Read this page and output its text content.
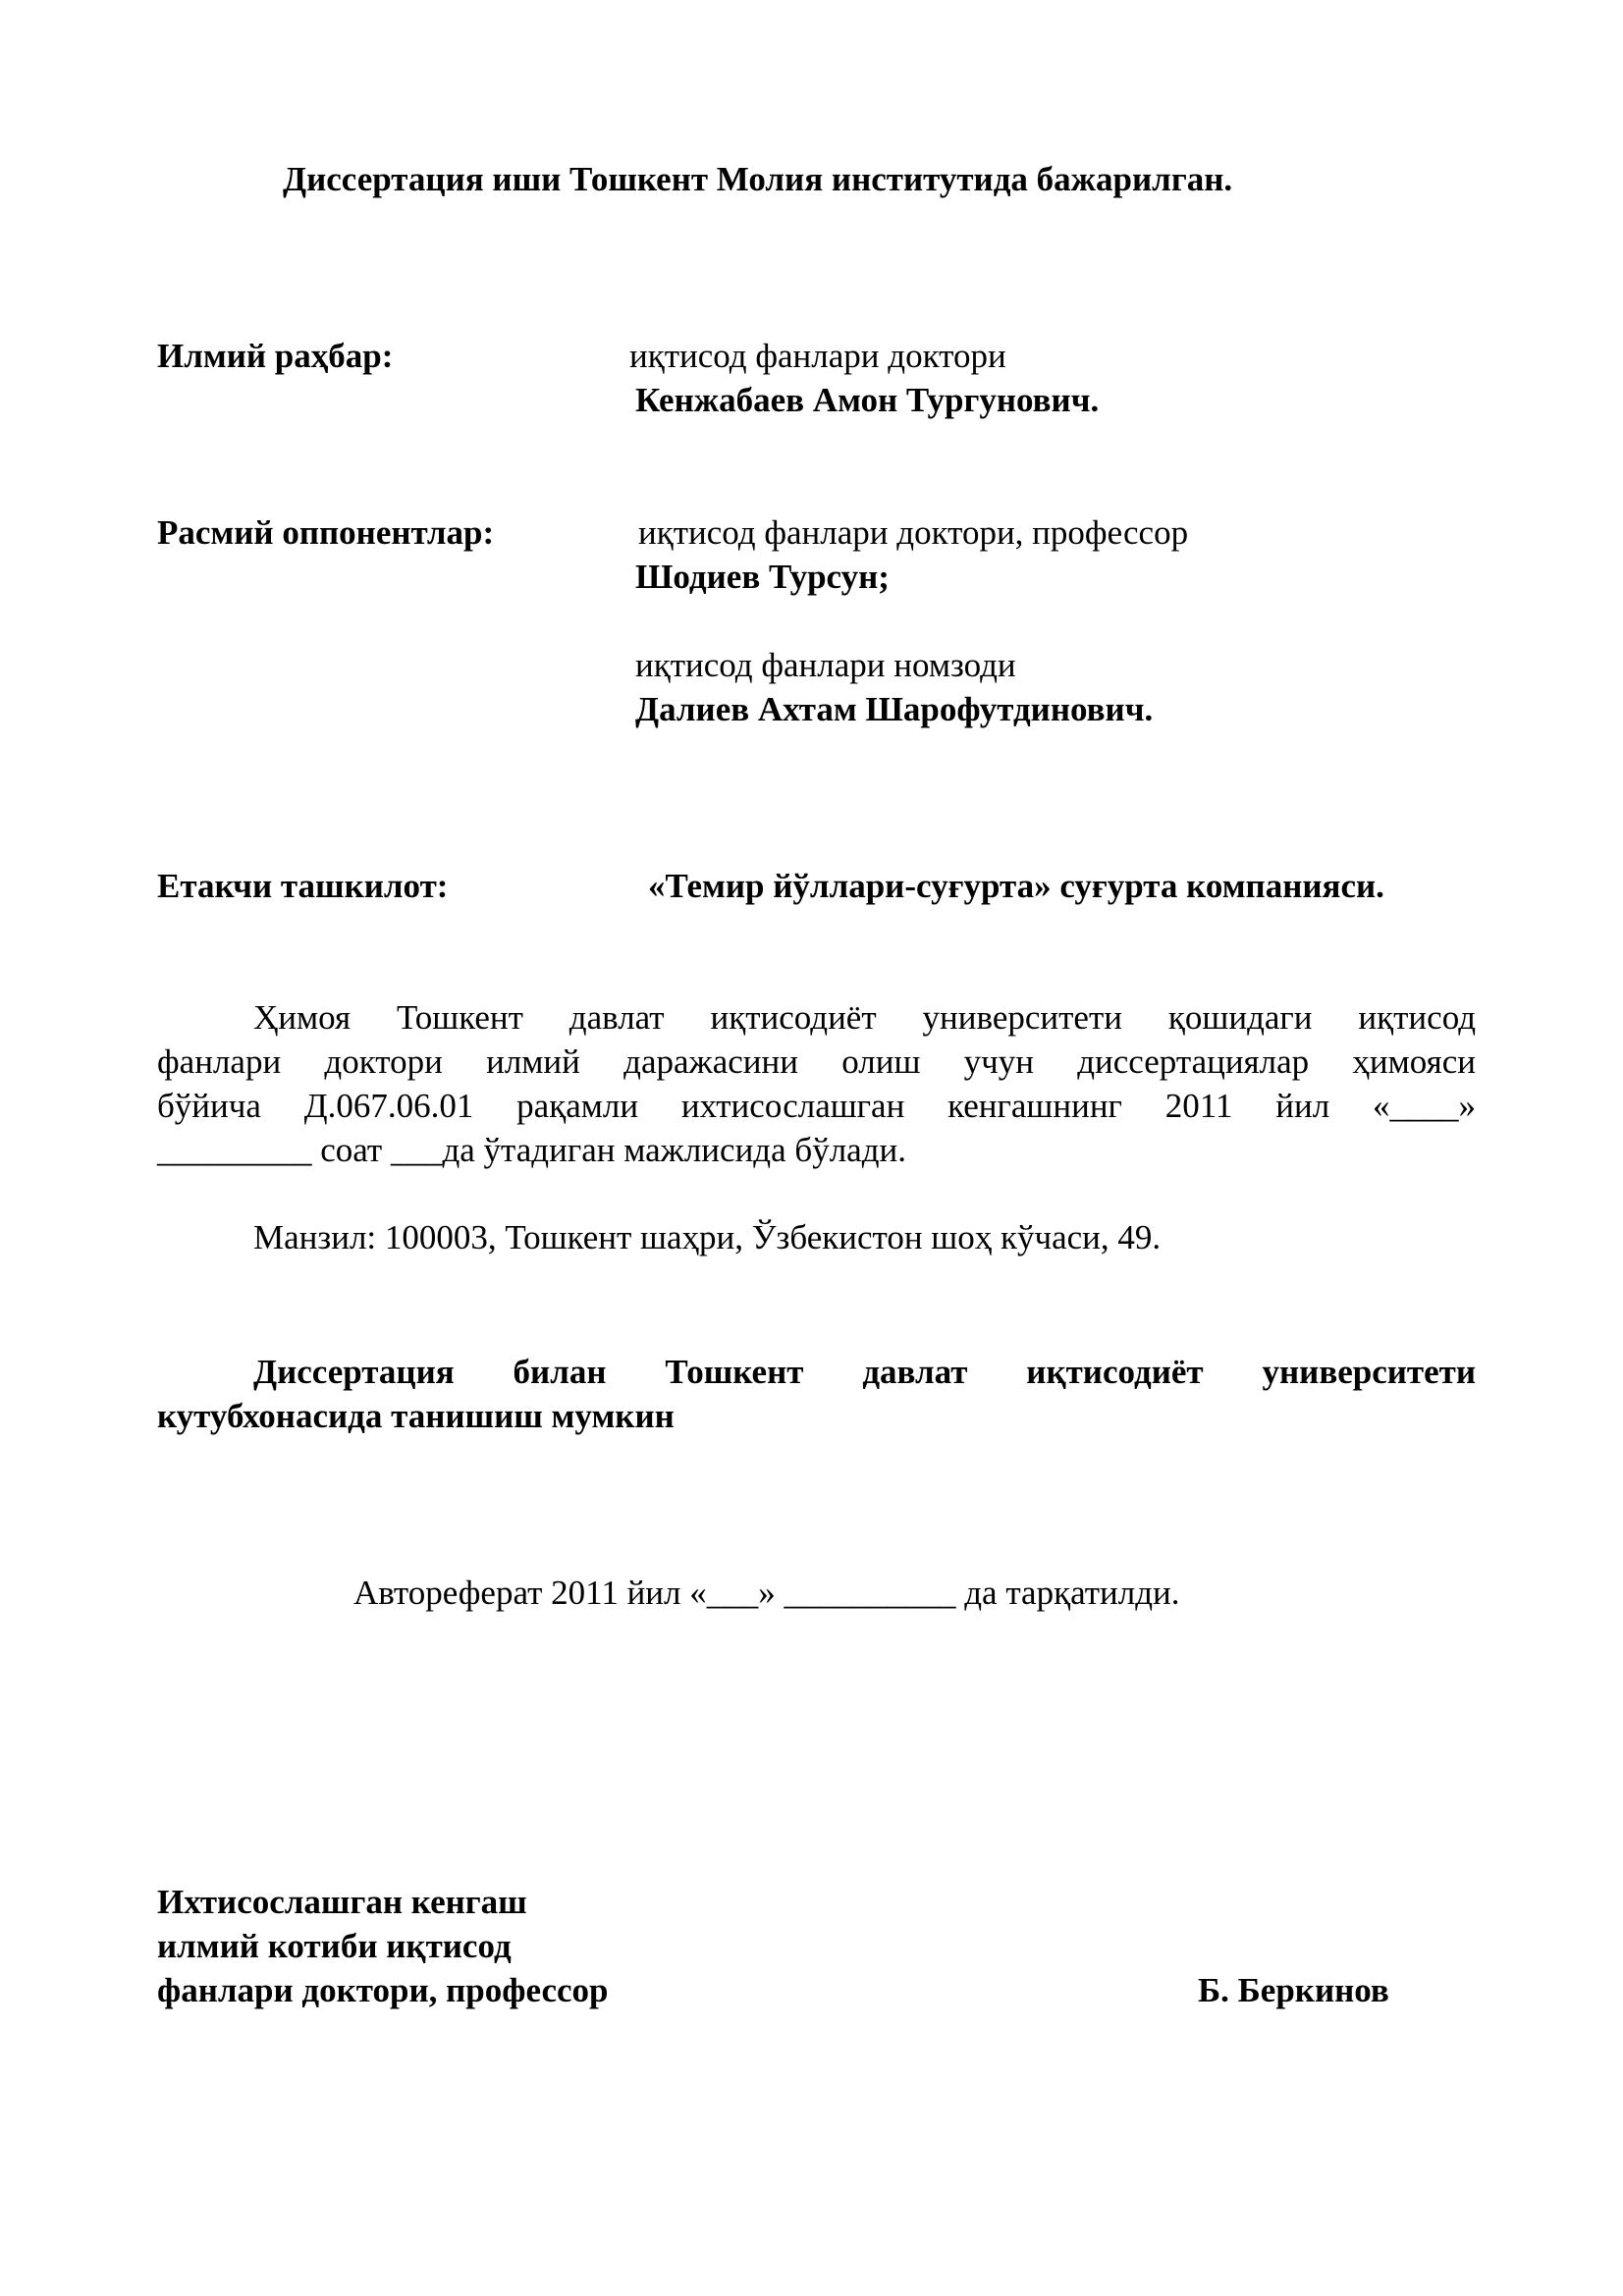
Диссертация иши Тошкент Молия институтида бажарилган.
Илмий раҳбар:	иқтисод фанлари доктори
Кенжабаев Амон Тургунович.
Расмий оппонентлар:	иқтисод фанлари доктори, профессор
Шодиев Турсун;
иқтисод фанлари номзоди
Далиев Ахтам Шарофутдинович.
Етакчи ташкилот:	«Темир йўллари-суғурта» суғурта компанияси.
Ҳимоя Тошкент давлат иқтисодиёт университети қошидаги иқтисод
фанлари доктори илмий даражасини олиш учун диссертациялар ҳимояси
бўйича Д.067.06.01 рақамли ихтисослашган кенгашнинг 2011 йил «____»
_________ соат ___да ўтадиган мажлисида бўлади.
Манзил: 100003, Тошкент шаҳри, Ўзбекистон шоҳ кўчаси, 49.
Диссертация билан Тошкент давлат иқтисодиёт университети
кутубхонасида танишиш мумкин
Автореферат 2011 йил «___» __________ да тарқатилди.
Ихтисослашган кенгаш
илмий котиби иқтисод
фанлари доктори, профессор	Б. Беркинов
